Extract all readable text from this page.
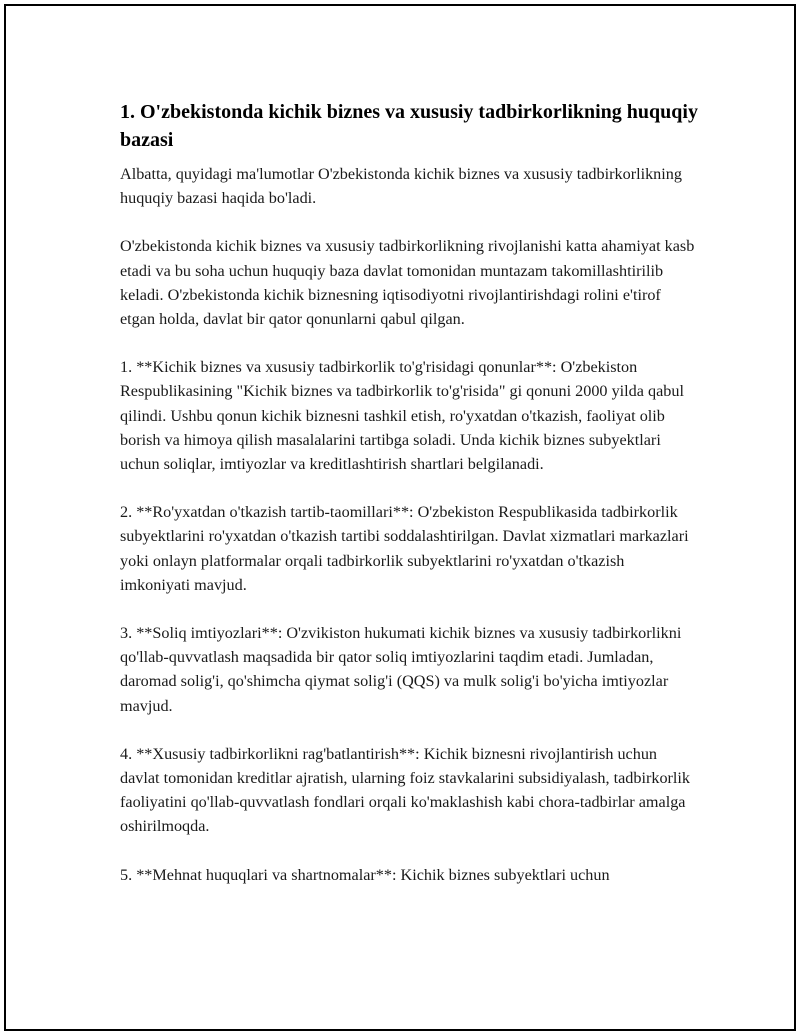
1. O'zbekistonda kichik biznes va xususiy tadbirkorlikning huquqiy bazasi

Albatta, quyidagi ma'lumotlar O'zbekistonda kichik biznes va xususiy tadbirkorlikning huquqiy bazasi haqida bo'ladi.

O'zbekistonda kichik biznes va xususiy tadbirkorlikning rivojlanishi katta ahamiyat kasb etadi va bu soha uchun huquqiy baza davlat tomonidan muntazam takomillashtirilib keladi. O'zbekistonda kichik biznesning iqtisodiyotni rivojlantirishdagi rolini e'tirof etgan holda, davlat bir qator qonunlarni qabul qilgan.

1. **Kichik biznes va xususiy tadbirkorlik to'g'risidagi qonunlar**: O'zbekiston Respublikasining "Kichik biznes va tadbirkorlik to'g'risida" gi qonuni 2000 yilda qabul qilindi. Ushbu qonun kichik biznesni tashkil etish, ro'yxatdan o'tkazish, faoliyat olib borish va himoya qilish masalalarini tartibga soladi. Unda kichik biznes subyektlari uchun soliqlar, imtiyozlar va kreditlashtirish shartlari belgilanadi.

2. **Ro'yxatdan o'tkazish tartib-taomillari**: O'zbekiston Respublikasida tadbirkorlik subyektlarini ro'yxatdan o'tkazish tartibi soddalashtirilgan. Davlat xizmatlari markazlari yoki onlayn platformalar orqali tadbirkorlik subyektlarini ro'yxatdan o'tkazish imkoniyati mavjud.

3. **Soliq imtiyozlari**: O'zvikiston hukumati kichik biznes va xususiy tadbirkorlikni qo'llab-quvvatlash maqsadida bir qator soliq imtiyozlarini taqdim etadi. Jumladan, daromad solig'i, qo'shimcha qiymat solig'i (QQS) va mulk solig'i bo'yicha imtiyozlar mavjud.

4. **Xususiy tadbirkorlikni rag'batlantirish**: Kichik biznesni rivojlantirish uchun davlat tomonidan kreditlar ajratish, ularning foiz stavkalarini subsidiyalash, tadbirkorlik faoliyatini qo'llab-quvvatlash fondlari orqali ko'maklashish kabi chora-tadbirlar amalga oshirilmoqda.

5. **Mehnat huquqlari va shartnomalar**: Kichik biznes subyektlari uchun
